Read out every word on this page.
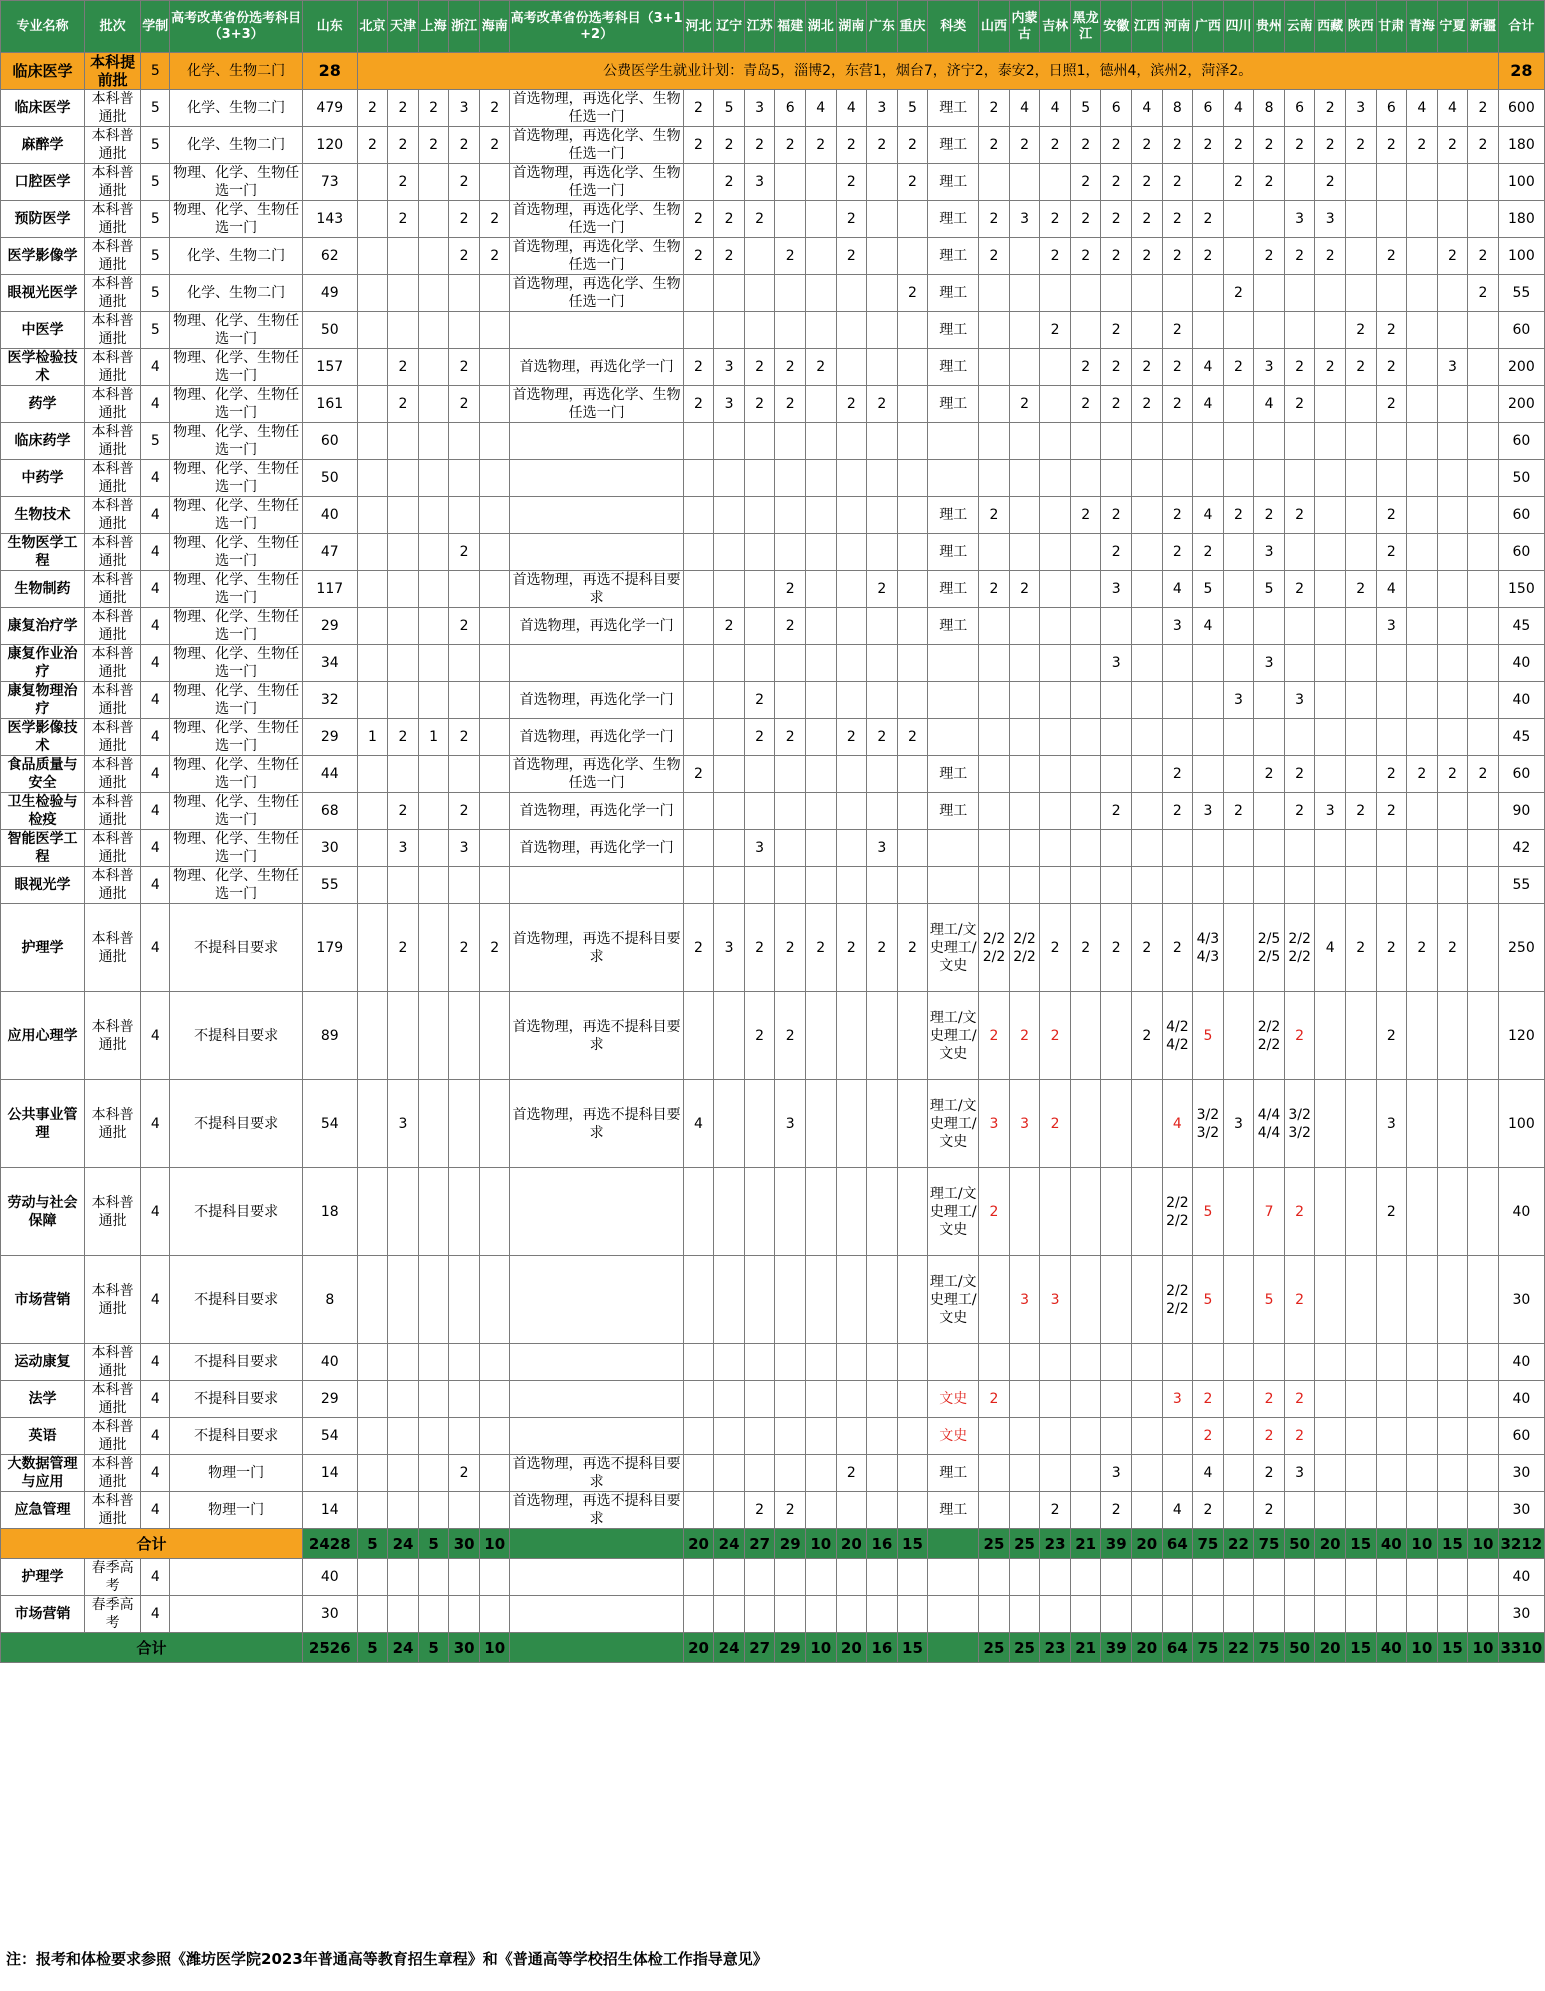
专业名称	批次	学制	高考改革省份选考科目（3+3）	山东	北京	天津	上海	浙江	海南	高考改革省份选考科目（3+1+2）	河北	辽宁	江苏	福建	湖北	湖南	广东	重庆	科类	山西	内蒙古	吉林	黑龙江	安徽	江西	河南	广西	四川	贵州	云南	西藏	陕西	甘肃	青海	宁夏	新疆	合计
临床医学	本科提前批	5	化学、生物二门	28	公费医学生就业计划：青岛5，淄博2，东营1，烟台7，济宁2，泰安2，日照1，德州4，滨州2，菏泽2。																																28
临床医学	本科普通批	5	化学、生物二门	479	2	2	2	3	2	首选物理，再选化学、生物任选一门	2	5	3	6	4	4	3	5	理工	2	4	4	5	6	4	8	6	4	8	6	2	3	6	4	4	2	600
麻醉学	本科普通批	5	化学、生物二门	120	2	2	2	2	2	首选物理，再选化学、生物任选一门	2	2	2	2	2	2	2	2	理工	2	2	2	2	2	2	2	2	2	2	2	2	2	2	2	2	2	180
口腔医学	本科普通批	5	物理、化学、生物任选一门	73		2		2		首选物理，再选化学、生物任选一门		2	3			2		2	理工				2	2	2	2		2	2		2						100
预防医学	本科普通批	5	物理、化学、生物任选一门	143		2		2	2	首选物理，再选化学、生物任选一门	2	2	2			2			理工	2	3	2	2	2	2	2	2			3	3						180
医学影像学	本科普通批	5	化学、生物二门	62				2	2	首选物理，再选化学、生物任选一门	2	2		2		2			理工	2		2	2	2	2	2	2		2	2	2		2		2	2	100
眼视光医学	本科普通批	5	化学、生物二门	49						首选物理，再选化学、生物任选一门								2	理工									2								2	55
中医学	本科普通批	5	物理、化学、生物任选一门	50															理工			2		2		2						2	2				60
医学检验技术	本科普通批	4	物理、化学、生物任选一门	157		2		2		首选物理，再选化学一门	2	3	2	2	2				理工				2	2	2	2	4	2	3	2	2	2	2		3		200
药学	本科普通批	4	物理、化学、生物任选一门	161		2		2		首选物理，再选化学、生物任选一门	2	3	2	2		2	2		理工		2		2	2	2	2	4		4	2			2				200
临床药学	本科普通批	5	物理、化学、生物任选一门	60																																	60
中药学	本科普通批	4	物理、化学、生物任选一门	50																																	50
生物技术	本科普通批	4	物理、化学、生物任选一门	40															理工	2			2	2		2	4	2	2	2			2				60
生物医学工程	本科普通批	4	物理、化学、生物任选一门	47				2											理工					2		2	2		3				2				60
生物制药	本科普通批	4	物理、化学、生物任选一门	117						首选物理，再选不提科目要求				2			2		理工	2	2			3		4	5		5	2		2	4				150
康复治疗学	本科普通批	4	物理、化学、生物任选一门	29				2		首选物理，再选化学一门		2		2					理工							3	4						3				45
康复作业治疗	本科普通批	4	物理、化学、生物任选一门	34																				3					3								40
康复物理治疗	本科普通批	4	物理、化学、生物任选一门	32						首选物理，再选化学一门			2															3		3							40
医学影像技术	本科普通批	4	物理、化学、生物任选一门	29	1	2	1	2		首选物理，再选化学一门			2	2		2	2	2																			45
食品质量与安全	本科普通批	4	物理、化学、生物任选一门	44						首选物理，再选化学、生物任选一门	2								理工							2			2	2			2	2	2	2	60
卫生检验与检疫	本科普通批	4	物理、化学、生物任选一门	68		2		2		首选物理，再选化学一门									理工					2		2	3	2		2	3	2	2				90
智能医学工程	本科普通批	4	物理、化学、生物任选一门	30		3		3		首选物理，再选化学一门			3				3																				42
眼视光学	本科普通批	4	物理、化学、生物任选一门	55																																	55
护理学	本科普通批	4	不提科目要求	179		2		2	2	首选物理，再选不提科目要求	2	3	2	2	2	2	2	2	理工/文史理工/文史	2/2 2/2	2/2 2/2	2	2	2	2	2	4/3 4/3		2/5 2/5	2/2 2/2	4	2	2	2	2		250
应用心理学	本科普通批	4	不提科目要求	89						首选物理，再选不提科目要求			2	2					理工/文史理工/文史	2	2	2			2	4/2 4/2	5		2/2 2/2	2			2				120
公共事业管理	本科普通批	4	不提科目要求	54		3				首选物理，再选不提科目要求	4			3					理工/文史理工/文史	3	3	2				4	3/2 3/2	3	4/4 4/4	3/2 3/2			3				100
劳动与社会保障	本科普通批	4	不提科目要求	18															理工/文史理工/文史	2						2/2 2/2	5		7	2			2				40
市场营销	本科普通批	4	不提科目要求	8															理工/文史理工/文史		3	3				2/2 2/2	5		5	2							30
运动康复	本科普通批	4	不提科目要求	40																																	40
法学	本科普通批	4	不提科目要求	29															文史	2						3	2		2	2							40
英语	本科普通批	4	不提科目要求	54															文史								2		2	2							60
大数据管理与应用	本科普通批	4	物理一门	14				2		首选物理，再选不提科目要求						2			理工					3			4		2	3							30
应急管理	本科普通批	4	物理一门	14						首选物理，再选不提科目要求			2	2					理工			2		2		4	2		2								30
合计				2428	5	24	5	30	10		20	24	27	29	10	20	16	15		25	25	23	21	39	20	64	75	22	75	50	20	15	40	10	15	10	3212
护理学	春季高考	4		40																																	40
市场营销	春季高考	4		30																																	30
合计				2526	5	24	5	30	10		20	24	27	29	10	20	16	15		25	25	23	21	39	20	64	75	22	75	50	20	15	40	10	15	10	3310
注：报考和体检要求参照《潍坊医学院2023年普通高等教育招生章程》和《普通高等学校招生体检工作指导意见》
